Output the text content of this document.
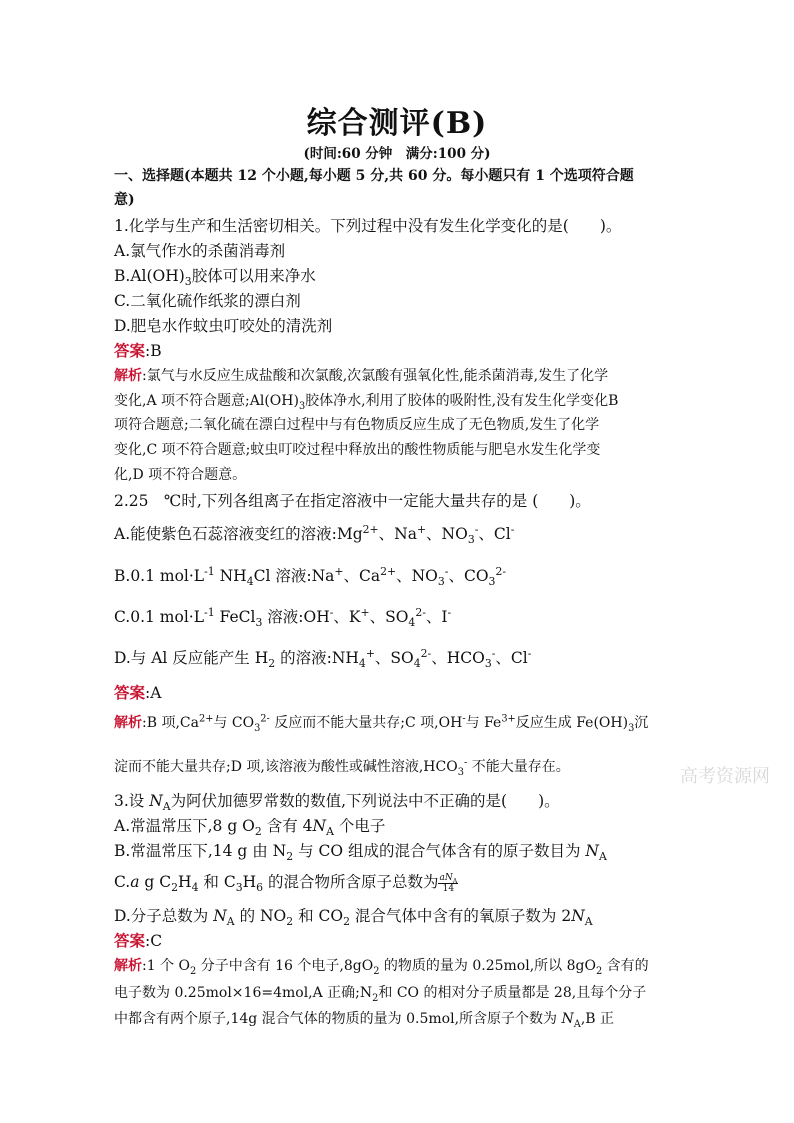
综合测评(B)
(时间:60 分钟　满分:100 分)
一、选择题(本题共 12 个小题,每小题 5 分,共 60 分。每小题只有 1 个选项符合题
意)
1.化学与生产和生活密切相关。下列过程中没有发生化学变化的是(　　)。
A.氯气作水的杀菌消毒剂
$B.Al(OH)_3$胶体可以用来净水
C.二氧化硫作纸浆的漂白剂
D.肥皂水作蚊虫叮咬处的清洗剂
答案:B
解析:氯气与水反应生成盐酸和次氯酸,次氯酸有强氧化性,能杀菌消毒,发生了化学
变化,A 项不符合题意$;Al(OH)_3$胶体净水,利用了胶体的吸附性,没有发生化学变化B
项符合题意;二氧化硫在漂白过程中与有色物质反应生成了无色物质,发生了化学
变化,C 项不符合题意;蚊虫叮咬过程中释放出的酸性物质能与肥皂水发生化学变
化,D 项不符合题意。
2.25　℃时,下列各组离子在指定溶液中一定能大量共存的是 (　　)。
A.能使紫色石蕊溶液变红的溶液$:Mg^{2+}$、Na+、$NO_3^-$、Cl-
B.0.1 $mol\cdot L^{-1}$ $NH_4Cl$ 溶液:Na+、$Ca^{2+}$、$NO_3^-$、$CO_3^{2-}$
C.0.1 $mol\cdot L^{-1}$ FeCl$_3$ 溶液:OH-、K+、$SO_4^{2-}$、I-
D.与 Al 反应能产生 $H_2$ 的溶液$:NH_4^+$、$SO_4^{2-}$、$HCO_3^-$、Cl-
答案:A
解析:B 项$,Ca^{2+}$与 $CO_3^{2-}$ 反应而不能大量共存;C 项,OH-与 $Fe^{3+}$反应生成 $Fe(OH)_3$沉
淀而不能大量共存;D 项,该溶液为酸性或碱性溶液$,HCO_3^-$ 不能大量存在。
3.设 $N_A$为阿伏加德罗常数的数值,下列说法中不正确的是(　　)。
A.常温常压下,8 g $O_2$ 含有 $4N_A$ 个电子
B.常温常压下,14 g 由 $N_2$ 与 CO 组成的混合气体含有的原子数目为 $N_A$
C.a g $C_2H_4$ 和 $C_3H_6$ 的混合物所含原子总数为 $\frac{aN_A}{14}$
D.分子总数为 $N_A$ 的 $NO_2$ 和 $CO_2$ 混合气体中含有的氧原子数为 $2N_A$
答案:C
解析:1 个 $O_2$ 分子中含有 16 个电子$,8gO_2$ 的物质的量为 0.25mol,所以 $8gO_2$ 含有的
电子数为 0.25mol×16=4mol,A 正确$;N_2$和 CO 的相对分子质量都是 28,且每个分子
中都含有两个原子,14g 混合气体的物质的量为 0.5mol,所含原子个数为 $N_A,B$ 正
高考资源网
